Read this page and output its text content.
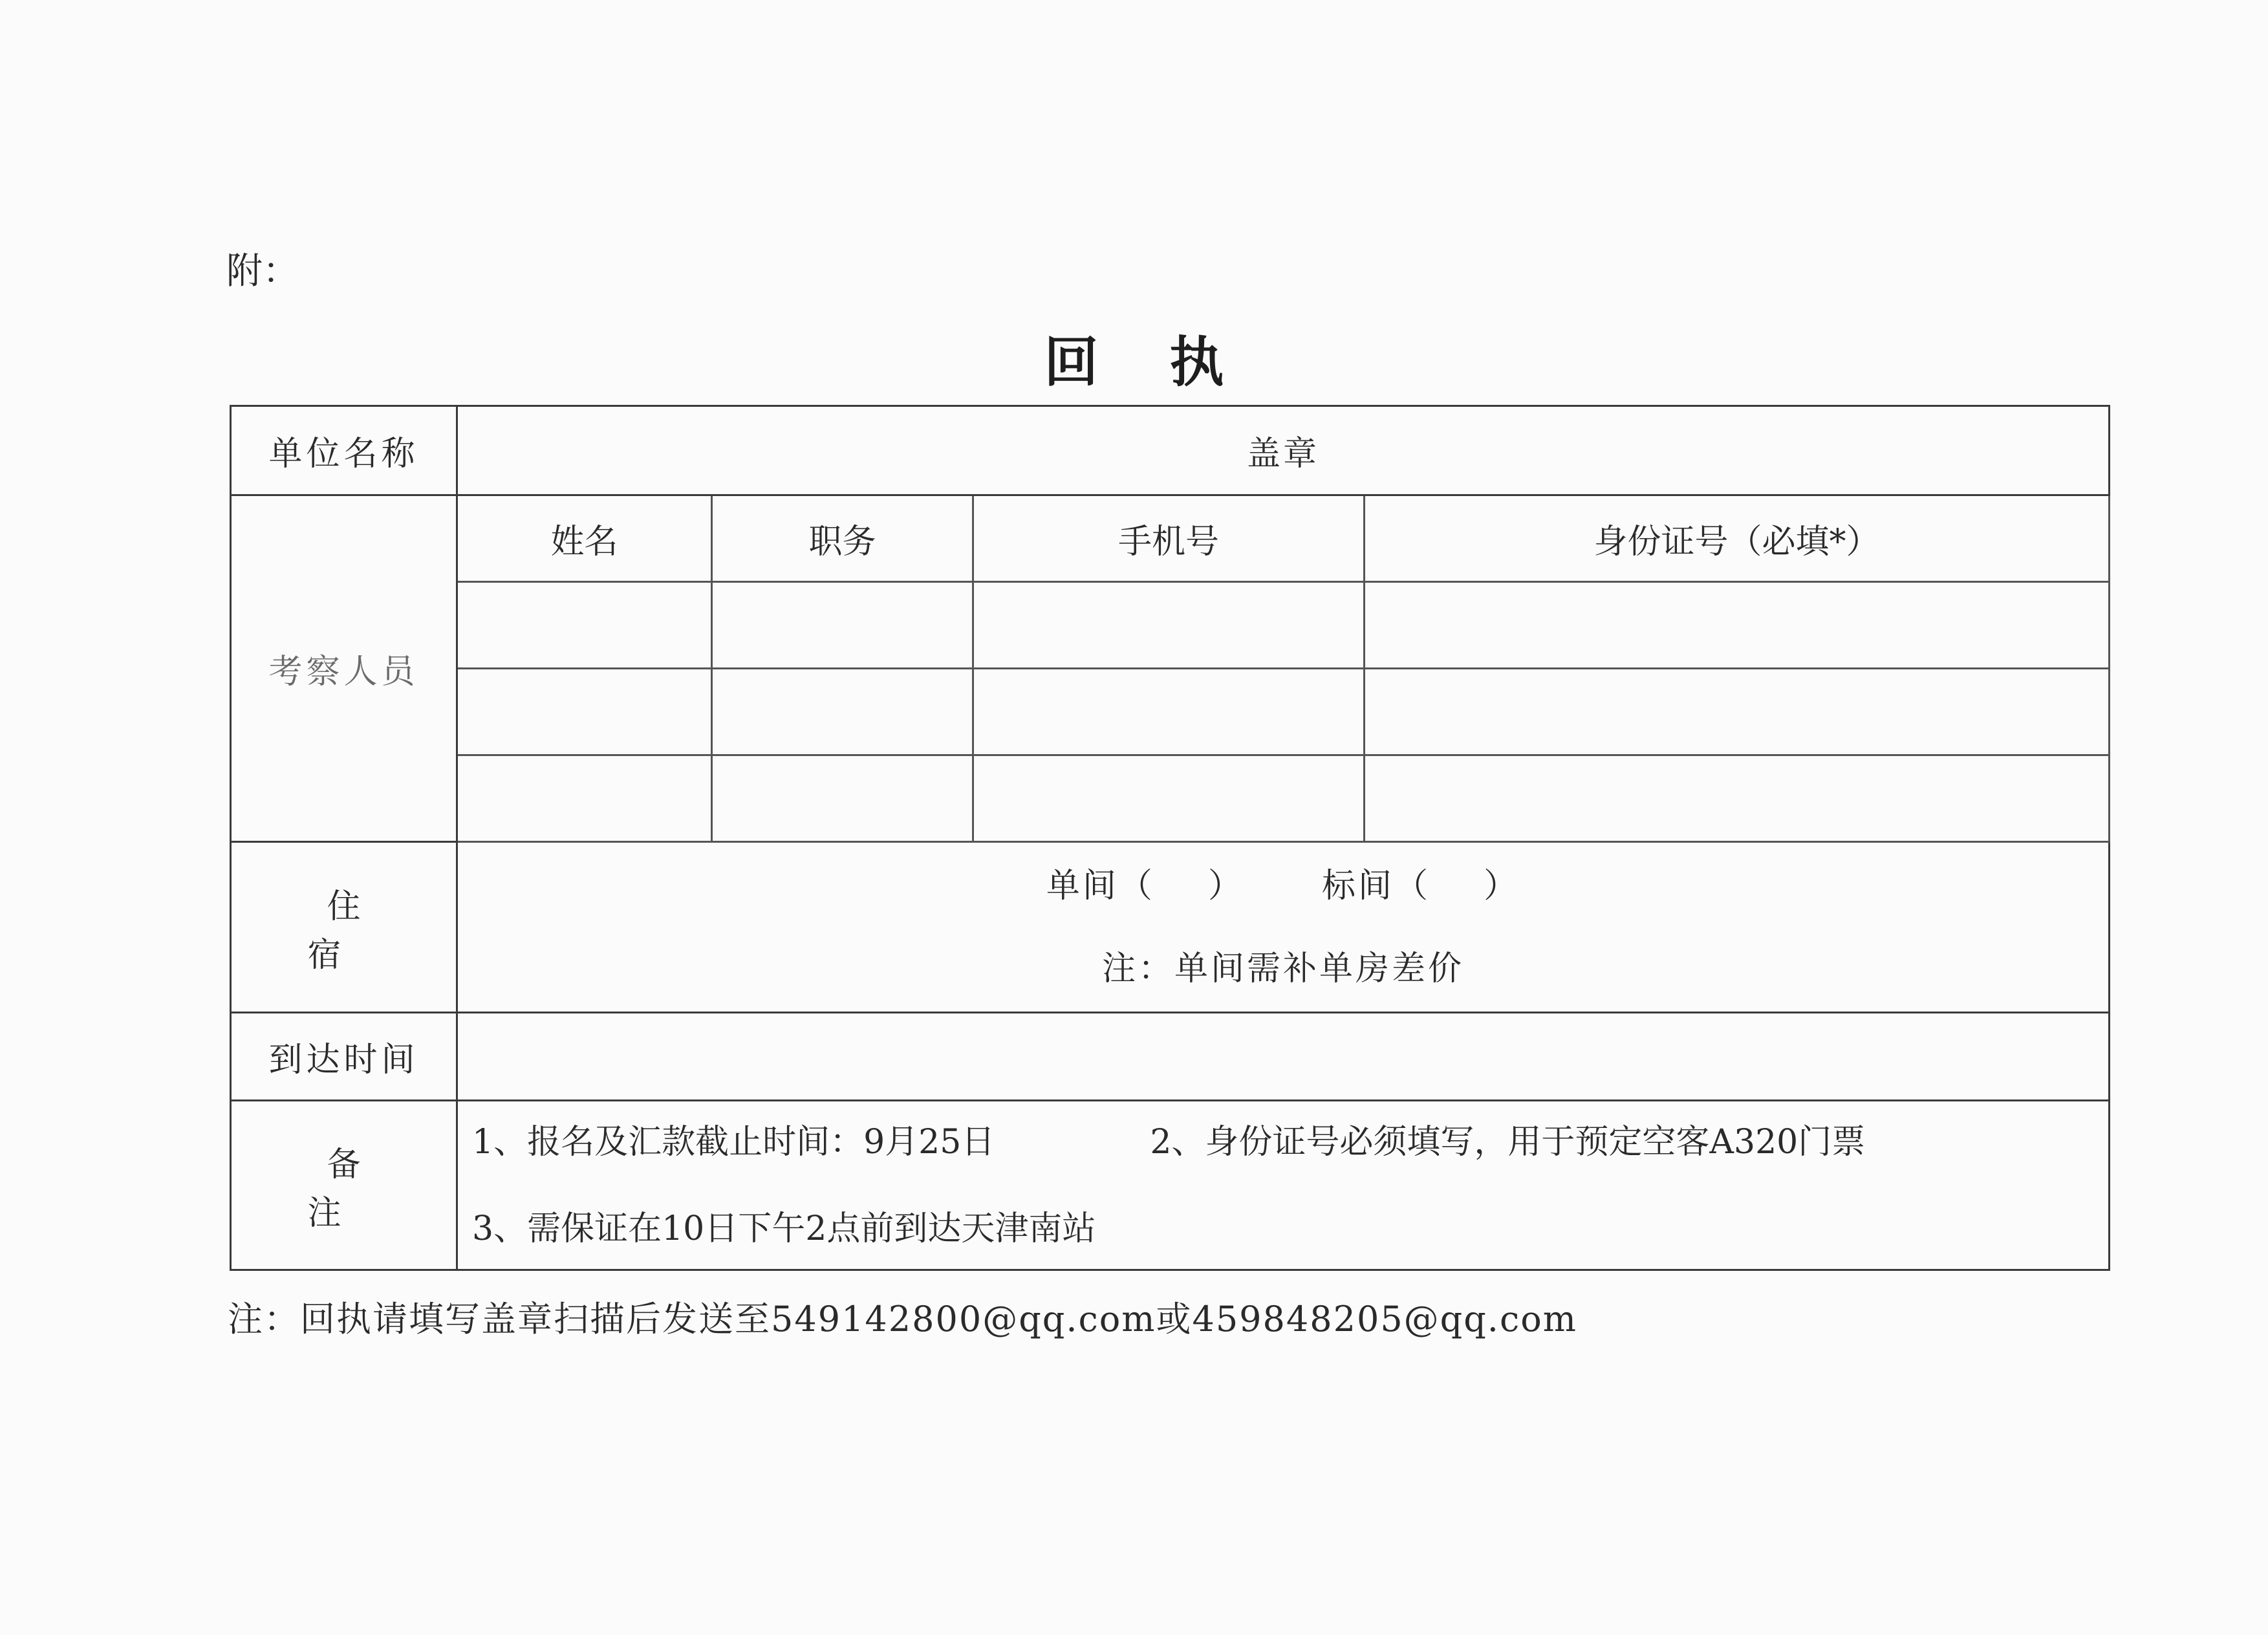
附：
回执
单位名称	盖章			
考察人员	姓名	职务	手机号	身份证号（必填*）

住 宿	单间（    ） 标间（    ）
注：单间需补单房差价			

到达时间				
备 注	1、报名及汇款截止时间：9月25日 2、身份证号必须填写，用于预定空客A320门票
3、需保证在10日下午2点前到达天津南站			
注：回执请填写盖章扫描后发送至549142800@qq.com或459848205@qq.com
